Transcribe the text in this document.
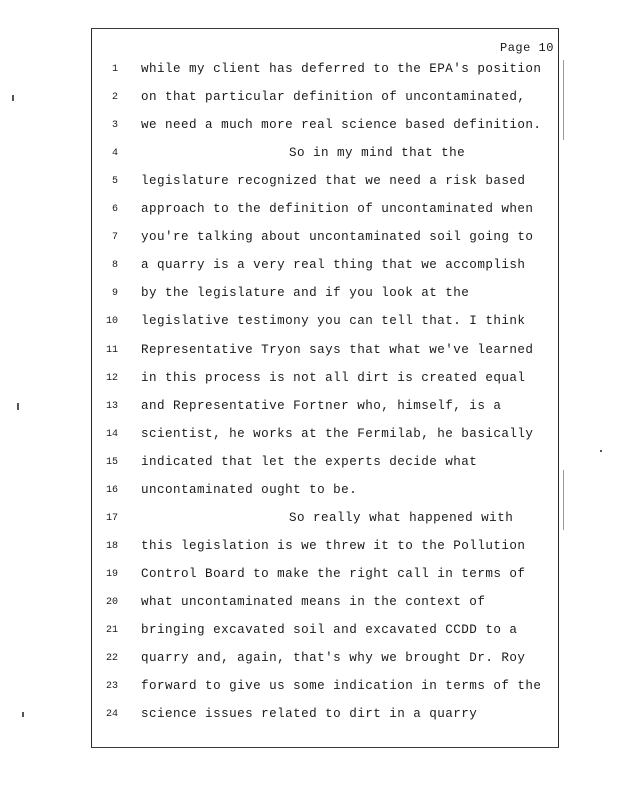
Page 10
1 while my client has deferred to the EPA's position
2 on that particular definition of uncontaminated,
3 we need a much more real science based definition.
4	So in my mind that the
5 legislature recognized that we need a risk based
6 approach to the definition of uncontaminated when
7 you're talking about uncontaminated soil going to
8 a quarry is a very real thing that we accomplish
9 by the legislature and if you look at the
10 legislative testimony you can tell that. I think
11 Representative Tryon says that what we've learned
12 in this process is not all dirt is created equal
13 and Representative Fortner who, himself, is a
14 scientist, he works at the Fermilab, he basically
15 indicated that let the experts decide what
16 uncontaminated ought to be.
17	So really what happened with
18 this legislation is we threw it to the Pollution
19 Control Board to make the right call in terms of
20 what uncontaminated means in the context of
21 bringing excavated soil and excavated CCDD to a
22 quarry and, again, that's why we brought Dr. Roy
23 forward to give us some indication in terms of the
24 science issues related to dirt in a quarry
